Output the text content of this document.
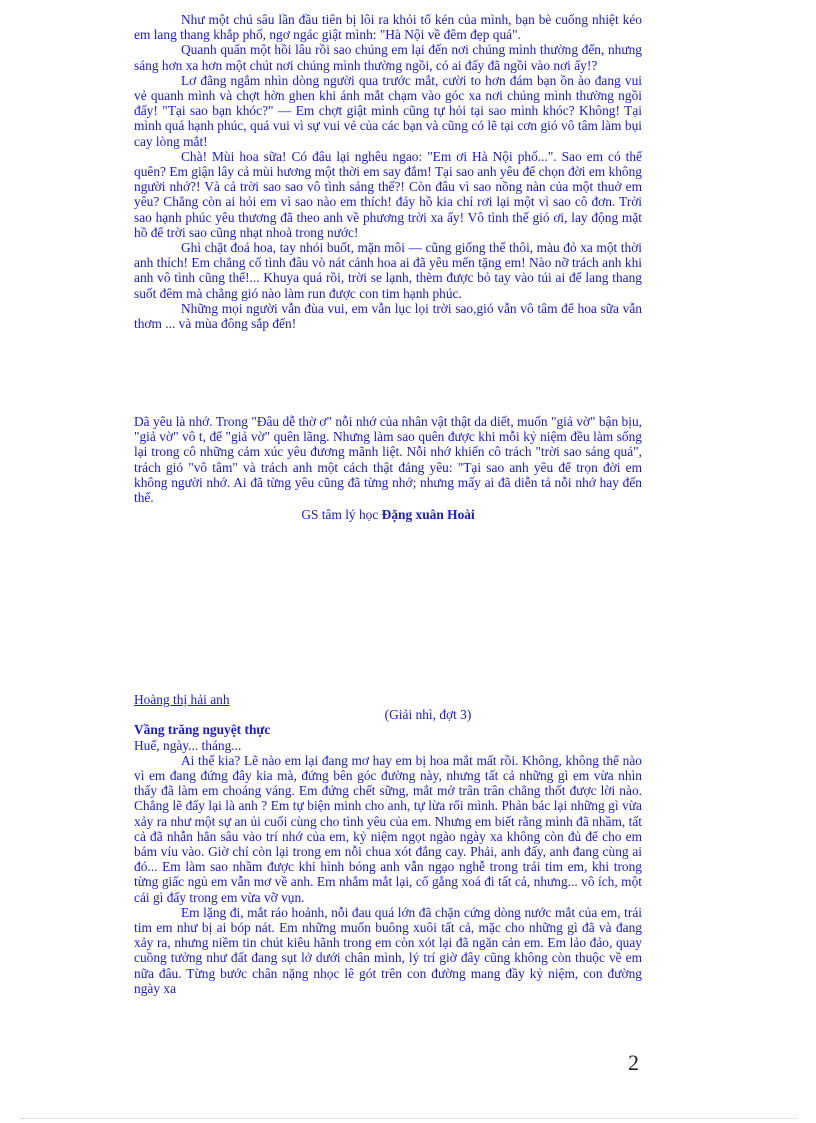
Như một chú sâu lần đầu tiên bị lôi ra khỏi tổ kén của mình, bạn bè cuống nhiệt kéo em lang thang khắp phố, ngơ ngác giật mình: "Hà Nội về đêm đẹp quá".

Quanh quẩn một hồi lâu rồi sao chúng em lại đến nơi chúng mình thường đến, nhưng sáng hơn xa hơn một chút nơi chúng mình thường ngồi, có ai đấy đã ngồi vào nơi ấy!?

Lơ đãng ngắm nhìn dòng người qua trước mắt, cười to hơn đám bạn ồn ào đang vui vẻ quanh mình và chợt hờn ghen khi ánh mắt chạm vào góc xa nơi chúng mình thường ngồi đấy! "Tại sao bạn khóc?" — Em chợt giật mình cũng tự hỏi tại sao mình khóc? Không! Tại mình quá hạnh phúc, quá vui vì sự vui vẻ của các bạn và cũng có lẽ tại cơn gió vô tâm làm bụi cay lòng mắt!

Chà! Mùi hoa sữa! Có đâu lại nghêu ngao: "Em ơi Hà Nội phố...". Sao em có thể quên? Em giận lây cả mùi hương một thời em say đắm! Tại sao anh yêu để chọn đời em không người nhớ?! Và cả trời sao sao vô tình sáng thế?! Còn đâu vì sao nồng nàn của một thuở em yêu? Chẳng còn ai hỏi em vì sao nào em thích! đáy hồ kia chỉ rơi lại một vì sao cô đơn. Trời sao hạnh phúc yêu thương đã theo anh về phương trời xa ấy! Vô tình thế gió ơi, lay động mặt hồ để trời sao cũng nhạt nhoà trong nước!

Ghì chặt đoá hoa, tay nhói buốt, mặn môi — cũng giống thế thôi, màu đỏ xa một thời anh thích! Em chẳng cố tình đâu vò nát cánh hoa ai đã yêu mến tặng em! Nào nỡ trách anh khi anh vô tình cũng thế!... Khuya quá rồi, trời se lạnh, thèm được bỏ tay vào túi ai để lang thang suốt đêm mà chẳng gió nào làm run được con tim hạnh phúc.

Những mọi người vẫn đùa vui, em vẫn lục lọi trời sao,gió vẫn vô tâm để hoa sữa vẫn thơm ... và mùa đông sắp đến!

Dã yêu là nhớ. Trong "Đâu dễ thờ ơ" nỗi nhớ của nhân vật thật da diết, muốn "giả vờ" bận bịu, "giả vờ" vô t, để "giả vờ" quên lãng. Nhưng làm sao quên được khi mỗi kỷ niệm đều làm sống lại trong cô những cảm xúc yêu đương mãnh liệt. Nỗi nhớ khiến cô trách "trời sao sáng quá", trách gió "vô tâm" và trách anh một cách thật đáng yêu: "Tại sao anh yêu để trọn đời em không người nhớ. Ai đã từng yêu cũng đã từng nhớ; nhưng mấy ai đã diễn tả nỗi nhớ hay đến thế.

GS tâm lý học Đặng xuân Hoài

Hoàng thị hải anh

(Giải nhì, đợt 3)

Vầng trăng nguyệt thực

Huế, ngày... tháng...

Ai thế kia? Lẽ nào em lại đang mơ hay em bị hoa mắt mất rồi. Không, không thể nào vì em đang đứng đây kia mà, đứng bên góc đường này, nhưng tất cả những gì em vừa nhìn thấy đã làm em choáng váng. Em đứng chết sững, mắt mở trân trân chẳng thốt được lời nào. Chẳng lẽ đấy lại là anh ? Em tự biện minh cho anh, tự lừa rối mình. Phản bác lại những gì vừa xảy ra như một sự an ủi cuối cùng cho tình yêu của em. Nhưng em biết rằng mình đã nhầm, tất cả đã nhẫn hẳn sâu vào trí nhớ của em, kỷ niệm ngọt ngào ngày xa không còn đủ để cho em bám víu vào. Giờ chỉ còn lại trong em nỗi chua xót đắng cay. Phải, anh đấy, anh đang cùng ai đó... Em làm sao nhầm được khi hình bóng anh vẫn ngạo nghễ trong trái tim em, khi trong từng giấc ngủ em vẫn mơ về anh. Em nhắm mắt lại, cố gắng xoá đi tất cả, nhưng... vô ích, một cái gì đấy trong em vừa vỡ vụn.

Em lặng đi, mắt ráo hoảnh, nỗi đau quá lớn đã chặn cứng dòng nước mắt của em, trái tim em như bị ai bóp nát. Em những muốn buông xuôi tất cả, mặc cho những gì đã và đang xảy ra, nhưng niềm tin chút kiêu hãnh trong em còn xót lại đã ngăn cản em. Em lảo đảo, quay cuồng tưởng như đất đang sụt lở dưới chân mình, lý trí giờ đây cũng không còn thuộc về em nữa đâu. Từng bước chân nặng nhọc lê gót trên con đường mang đầy kỷ niệm, con đường ngày xa

2
